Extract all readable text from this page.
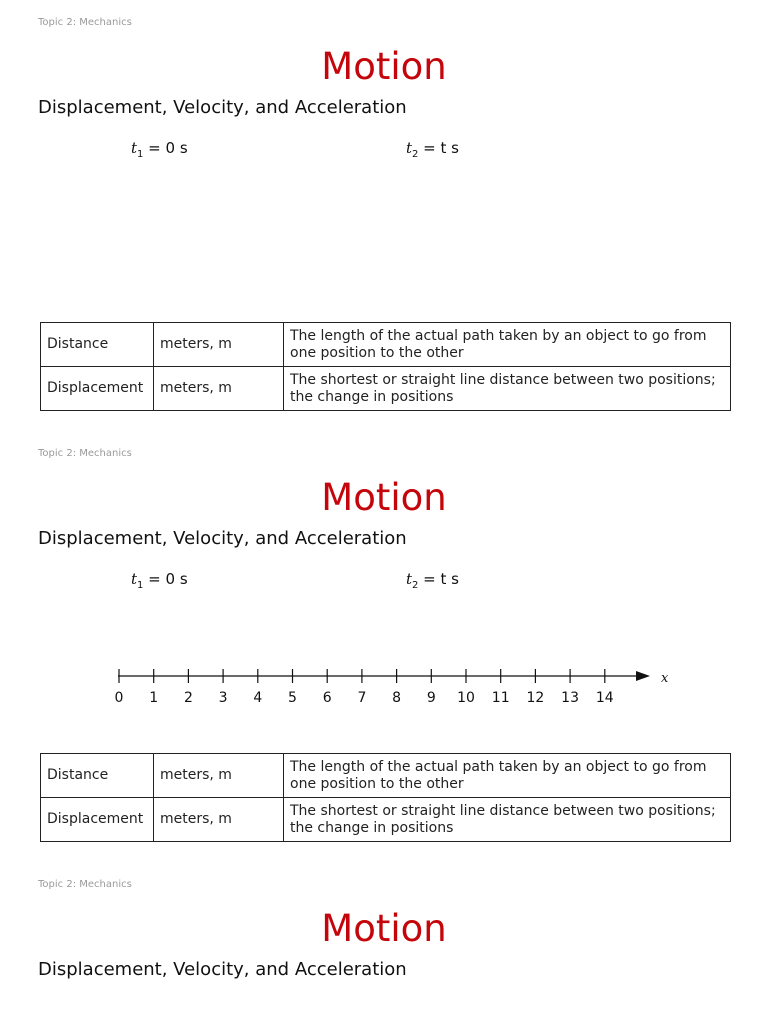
Topic 2: Mechanics
Motion
Displacement, Velocity, and Acceleration
$t_1 = 0$ s	$t_2 = t$ s
Distance	meters, m	The length of the actual path taken by an object to go from one position to the other
Displacement	meters, m	The shortest or straight line distance between two positions; the change in positions
Topic 2: Mechanics
Motion
Displacement, Velocity, and Acceleration
$t_1 = 0$ s	$t_2 = t$ s
x
0 1 2 3 4 5 6 7 8 9 10 11 12 13 14
Distance	meters, m	The length of the actual path taken by an object to go from one position to the other
Displacement	meters, m	The shortest or straight line distance between two positions; the change in positions
Topic 2: Mechanics
Motion
Displacement, Velocity, and Acceleration
